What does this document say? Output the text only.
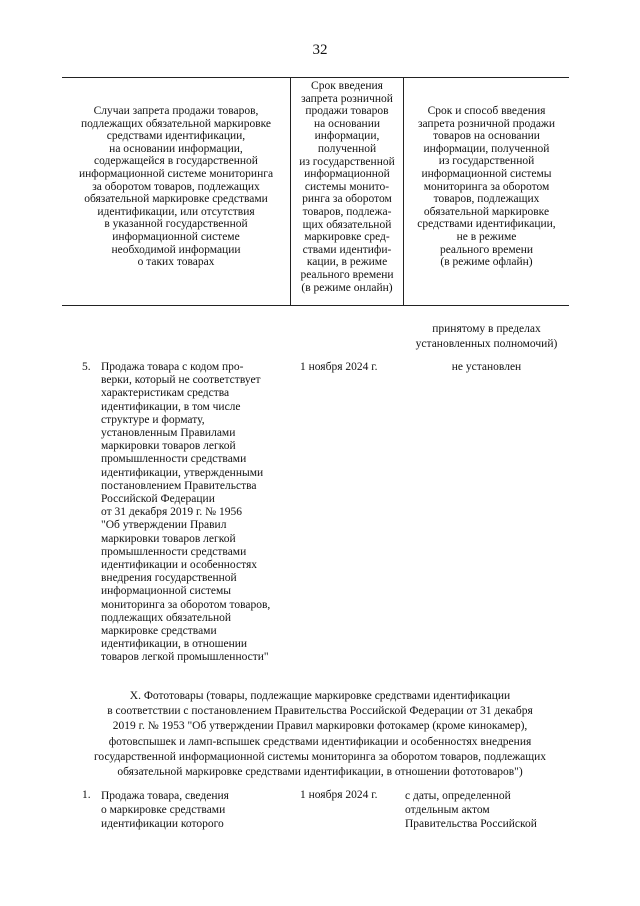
32
Случаи запрета продажи товаров,
подлежащих обязательной маркировке
средствами идентификации,
на основании информации,
содержащейся в государственной
информационной системе мониторинга
за оборотом товаров, подлежащих
обязательной маркировке средствами
идентификации, или отсутствия
в указанной государственной
информационной системе
необходимой информации
о таких товарах
Срок введения
запрета розничной
продажи товаров
на основании
информации,
полученной
из государственной
информационной
системы монито-
ринга за оборотом
товаров, подлежа-
щих обязательной
маркировке сред-
ствами идентифи-
кации, в режиме
реального времени
(в режиме онлайн)
Срок и способ введения
запрета розничной продажи
товаров на основании
информации, полученной
из государственной
информационной системы
мониторинга за оборотом
товаров, подлежащих
обязательной маркировке
средствами идентификации,
не в режиме
реального времени
(в режиме офлайн)
принятому в пределах
установленных полномочий)
5. Продажа товара с кодом про-
верки, который не соответствует
характеристикам средства
идентификации, в том числе
структуре и формату,
установленным Правилами
маркировки товаров легкой
промышленности средствами
идентификации, утвержденными
постановлением Правительства
Российской Федерации
от 31 декабря 2019 г. № 1956
"Об утверждении Правил
маркировки товаров легкой
промышленности средствами
идентификации и особенностях
внедрения государственной
информационной системы
мониторинга за оборотом товаров,
подлежащих обязательной
маркировке средствами
идентификации, в отношении
товаров легкой промышленности"
1 ноября 2024 г.	не установлен
X. Фототовары (товары, подлежащие маркировке средствами идентификации
в соответствии с постановлением Правительства Российской Федерации от 31 декабря
2019 г. № 1953 "Об утверждении Правил маркировки фотокамер (кроме кинокамер),
фотовспышек и ламп-вспышек средствами идентификации и особенностях внедрения
государственной информационной системы мониторинга за оборотом товаров, подлежащих
обязательной маркировке средствами идентификации, в отношении фототоваров")
1. Продажа товара, сведения
о маркировке средствами
идентификации которого
1 ноября 2024 г. с даты, определенной
отдельным актом
Правительства Российской
